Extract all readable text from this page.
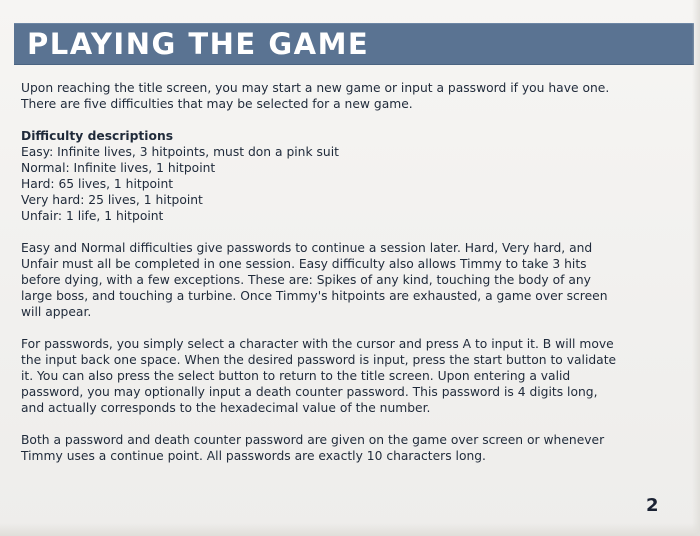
PLAYING THE GAME

Upon reaching the title screen, you may start a new game or input a password if you have one.

There are five difficulties that may be selected for a new game.

Difficulty descriptions

Easy: Infinite lives, 3 hitpoints, must don a pink suit

Normal: Infinite lives, 1 hitpoint

Hard: 65 lives, 1 hitpoint

Very hard: 25 lives, 1 hitpoint

Unfair: 1 life, 1 hitpoint

Easy and Normal difficulties give passwords to continue a session later. Hard, Very hard, and

Unfair must all be completed in one session. Easy difficulty also allows Timmy to take 3 hits

before dying, with a few exceptions. These are: Spikes of any kind, touching the body of any

large boss, and touching a turbine. Once Timmy's hitpoints are exhausted, a game over screen

will appear.

For passwords, you simply select a character with the cursor and press A to input it. B will move

the input back one space. When the desired password is input, press the start button to validate

it. You can also press the select button to return to the title screen. Upon entering a valid

password, you may optionally input a death counter password. This password is 4 digits long,

and actually corresponds to the hexadecimal value of the number.

Both a password and death counter password are given on the game over screen or whenever

Timmy uses a continue point. All passwords are exactly 10 characters long.

2
